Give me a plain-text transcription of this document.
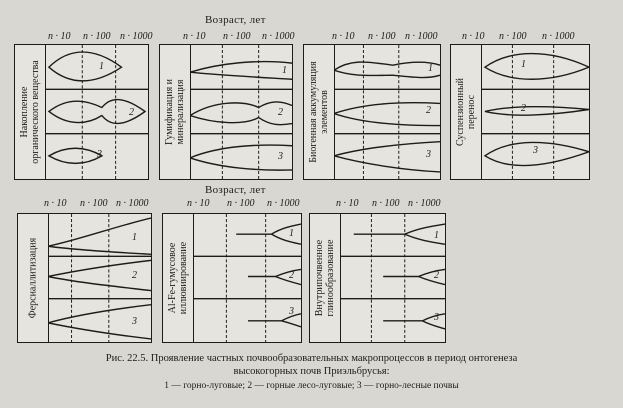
Возраст, лет
n · 10 n · 100 n · 1000	n · 10 n · 100 n · 1000	n · 10 n · 100 n · 1000 n · 10 n · 100 n · 1000
Накопление органического вещества	1
2
3
Гумификация и минерализация
1
2
3	Биогенная аккумуляция элементов
1
2
3
Суспензионный перенос
1
2
3
Возраст, лет
n · 10 n · 100 n · 1000	n · 10 n · 100 n · 1000	n · 10 n · 100 n · 1000
Ферсиаллитизация
1
2
3
Al-Fe-гумусовое иллювиирование
1
2
3 Внутрипочвенное глинообразование
1
2
3
Рис. 22.5. Проявление частных почвообразовательных макропроцессов в период онтогенеза
высокогорных почв Приэльбрусья:
1 — горно-луговые; 2 — горные лесо-луговые; 3 — горно-лесные почвы
